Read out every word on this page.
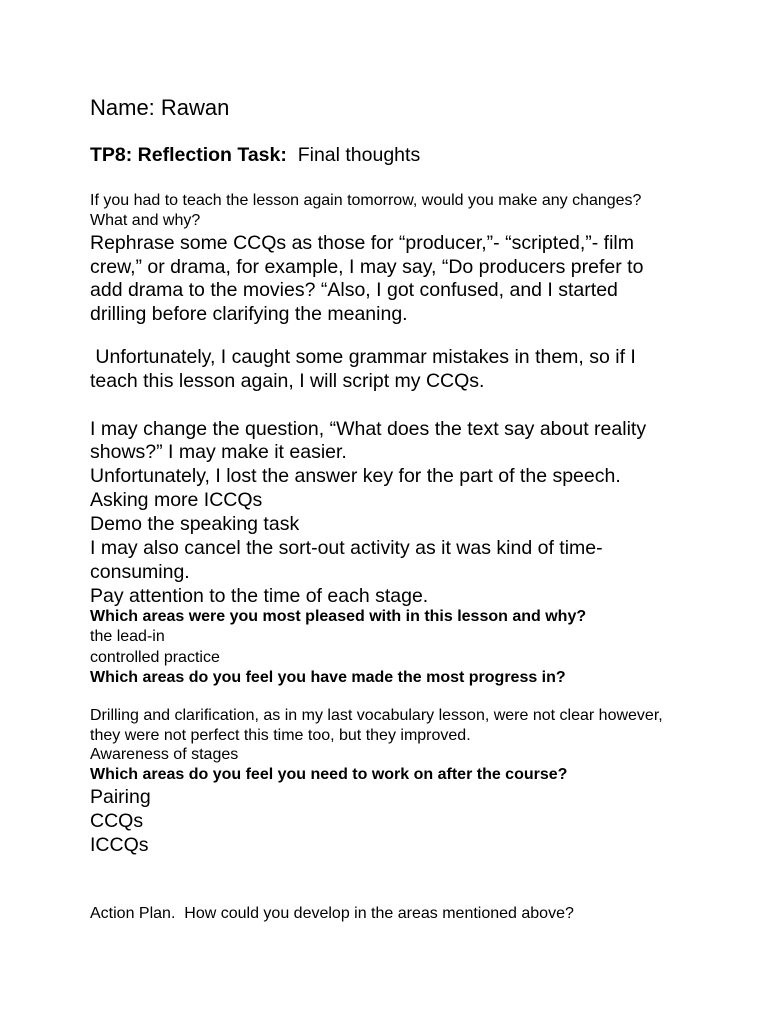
Name: Rawan
TP8: Reflection Task: Final thoughts
If you had to teach the lesson again tomorrow, would you make any changes?
What and why?
Rephrase some CCQs as those for “producer,”- “scripted,”- film
crew,” or drama, for example, I may say, “Do producers prefer to
add drama to the movies? “Also, I got confused, and I started
drilling before clarifying the meaning.
Unfortunately, I caught some grammar mistakes in them, so if I
teach this lesson again, I will script my CCQs.
I may change the question, “What does the text say about reality
shows?” I may make it easier.
Unfortunately, I lost the answer key for the part of the speech.
Asking more ICCQs
Demo the speaking task
I may also cancel the sort-out activity as it was kind of time-
consuming.
Pay attention to the time of each stage.
Which areas were you most pleased with in this lesson and why?
the lead-in
controlled practice
Which areas do you feel you have made the most progress in?
Drilling and clarification, as in my last vocabulary lesson, were not clear however,
they were not perfect this time too, but they improved.
Awareness of stages
Which areas do you feel you need to work on after the course?
Pairing
CCQs
ICCQs
Action Plan.  How could you develop in the areas mentioned above?
